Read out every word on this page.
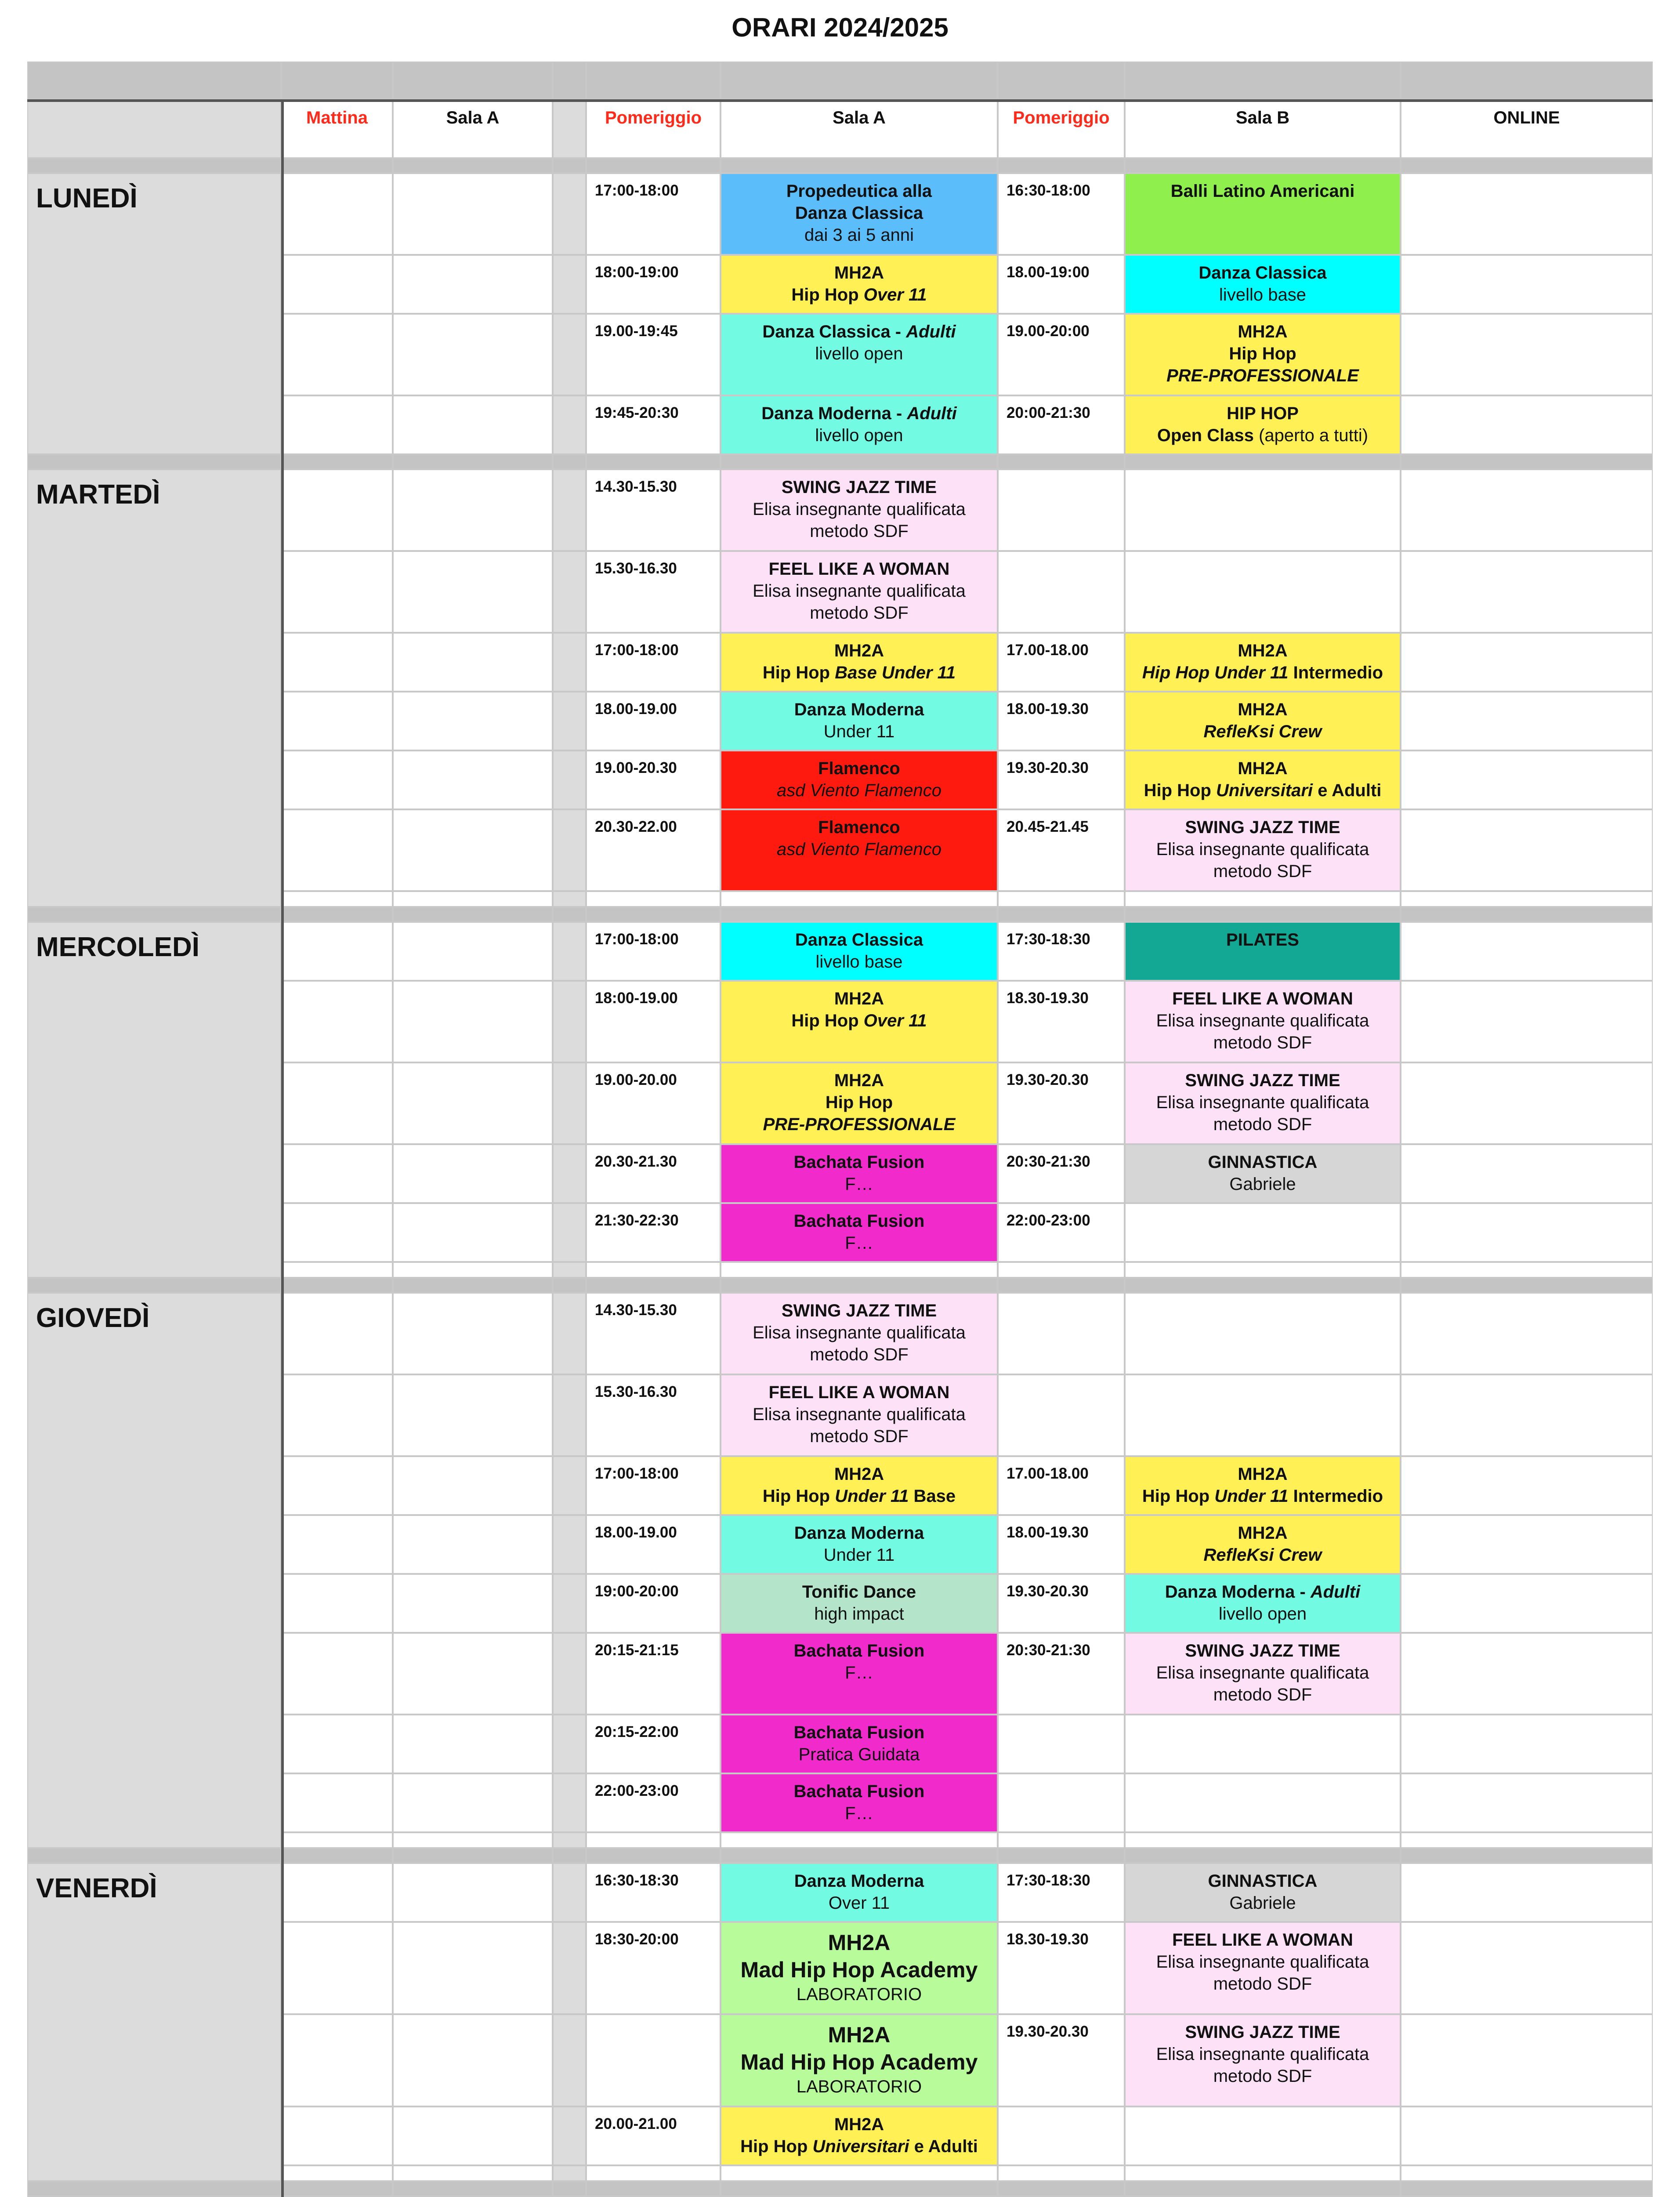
ORARI 2024/2025
Mattina	Sala A	Pomeriggio	Sala A	Pomeriggio	Sala B	ONLINE
17:00-18:00	Propedeutica alla
Danza Classica
dai 3 ai 5 anni
16:30-18:00	Balli Latino Americani
18:00-19:00	MH2A
Hip Hop Over 11
18.00-19:00	Danza Classica
livello base
19.00-19:45	Danza Classica - Adulti
livello open
19.00-20:00	MH2A
Hip Hop
PRE-PROFESSIONALE
19:45-20:30	Danza Moderna - Adulti
livello open
20:00-21:30	HIP HOP
Open Class (aperto a tutti)
LUNEDÌ
14.30-15.30	SWING JAZZ TIME
Elisa insegnante qualificata
metodo SDF
15.30-16.30	FEEL LIKE A WOMAN
Elisa insegnante qualificata
metodo SDF
17:00-18:00	MH2A
Hip Hop Base Under 11
17.00-18.00	MH2A
Hip Hop Under 11 Intermedio
18.00-19.00	Danza Moderna
Under 11
18.00-19.30	MH2A
RefleKsi Crew
19.00-20.30	Flamenco
asd Viento Flamenco
19.30-20.30	MH2A
Hip Hop Universitari e Adulti
20.30-22.00	Flamenco
asd Viento Flamenco
20.45-21.45	SWING JAZZ TIME
Elisa insegnante qualificata
metodo SDF
MARTEDÌ
17:00-18:00	Danza Classica
livello base
17:30-18:30	PILATES
18:00-19.00	MH2A
Hip Hop Over 11
18.30-19.30	FEEL LIKE A WOMAN
Elisa insegnante qualificata
metodo SDF
19.00-20.00	MH2A
Hip Hop
PRE-PROFESSIONALE
19.30-20.30	SWING JAZZ TIME
Elisa insegnante qualificata
metodo SDF
20.30-21.30	Bachata Fusion
F…
20:30-21:30	GINNASTICA
Gabriele
21:30-22:30	Bachata Fusion
F…
22:00-23:00
MERCOLEDÌ
14.30-15.30	SWING JAZZ TIME
Elisa insegnante qualificata
metodo SDF
15.30-16.30	FEEL LIKE A WOMAN
Elisa insegnante qualificata
metodo SDF
17:00-18:00	MH2A
Hip Hop Under 11 Base
17.00-18.00	MH2A
Hip Hop Under 11 Intermedio
18.00-19.00	Danza Moderna
Under 11
18.00-19.30	MH2A
RefleKsi Crew
19:00-20:00	Tonific Dance
high impact
19.30-20.30	Danza Moderna - Adulti
livello open
20:15-21:15	Bachata Fusion
F…
20:30-21:30	SWING JAZZ TIME
Elisa insegnante qualificata
metodo SDF
20:15-22:00	Bachata Fusion
Pratica Guidata
22:00-23:00	Bachata Fusion
F…
GIOVEDÌ
16:30-18:30	Danza Moderna
Over 11
17:30-18:30	GINNASTICA
Gabriele
18:30-20:00	MH2A
Mad Hip Hop Academy
LABORATORIO
18.30-19.30	FEEL LIKE A WOMAN
Elisa insegnante qualificata
metodo SDF
MH2A
Mad Hip Hop Academy
LABORATORIO
19.30-20.30	SWING JAZZ TIME
Elisa insegnante qualificata
metodo SDF
20.00-21.00	MH2A
Hip Hop Universitari e Adulti
VENERDÌ
